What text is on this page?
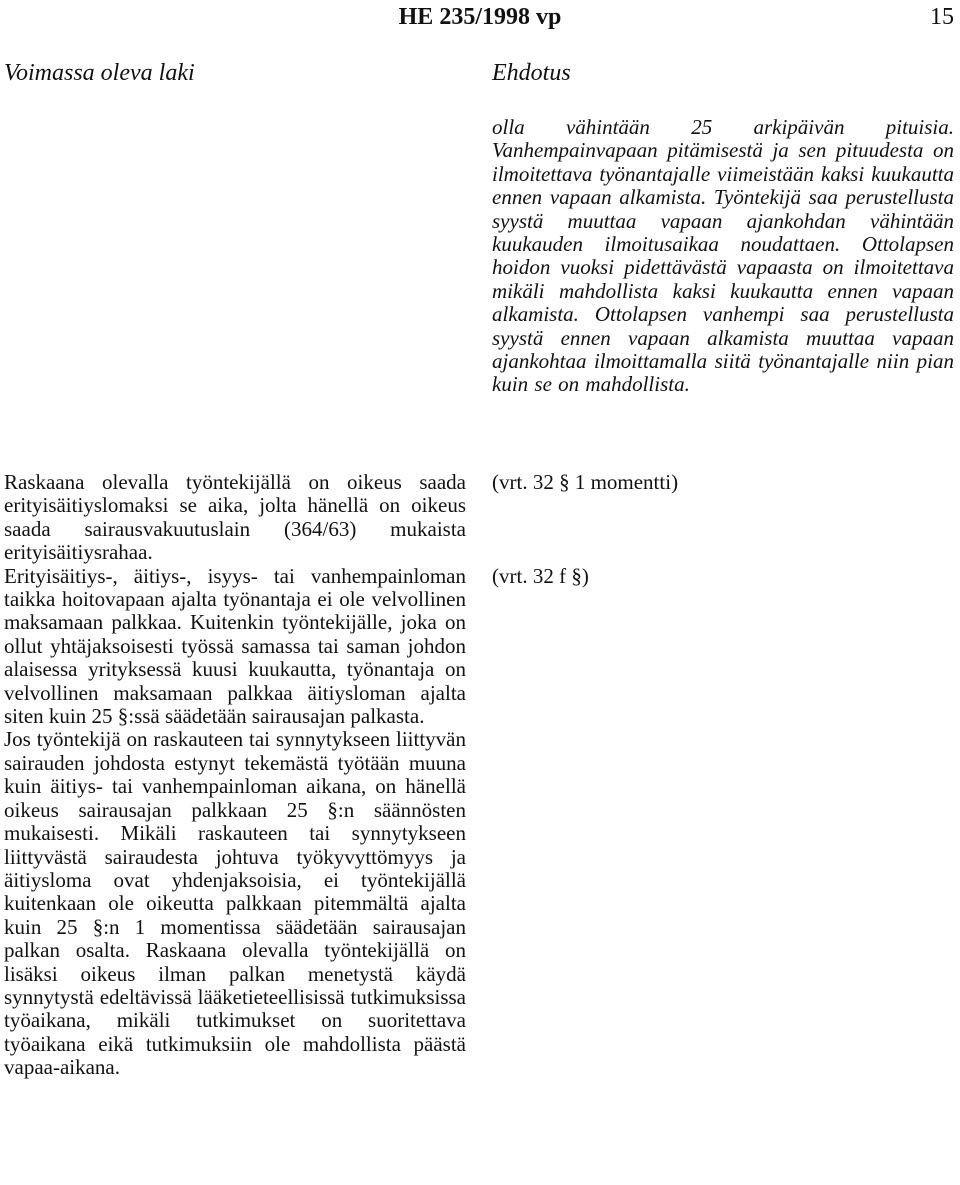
HE 235/1998 vp	15
Voimassa oleva laki	Ehdotus

olla vähintään 25 arkipäivän pituisia. Vanhempainvapaan pitämisestä ja sen pituudesta on ilmoitettava työnantajalle viimeistään kaksi kuukautta ennen vapaan alkamista. Työntekijä saa perustellusta syystä muuttaa vapaan ajankohdan vähintään kuukauden ilmoitusaikaa noudattaen. Ottolapsen hoidon vuoksi pidettävästä vapaasta on ilmoitettava mikäli mahdollista kaksi kuukautta ennen vapaan alkamista. Ottolapsen vanhempi saa perustellusta syystä ennen vapaan alkamista muuttaa vapaan ajankohtaa ilmoittamalla siitä työnantajalle niin pian kuin se on mahdollista.

Raskaana olevalla työntekijällä on oikeus saada erityisäitiyslomaksi se aika, jolta hänellä on oikeus saada sairausvakuutuslain (364/63) mukaista erityisäitiysrahaa.

Erityisäitiys-, äitiys-, isyys- tai vanhempainloman taikka hoitovapaan ajalta työnantaja ei ole velvollinen maksamaan palkkaa. Kuitenkin työntekijälle, joka on ollut yhtäjaksoisesti työssä samassa tai saman johdon alaisessa yrityksessä kuusi kuukautta, työnantaja on velvollinen maksamaan palkkaa äitiysloman ajalta siten kuin 25 §:ssä säädetään sairausajan palkasta.

Jos työntekijä on raskauteen tai synnytykseen liittyvän sairauden johdosta estynyt tekemästä työtään muuna kuin äitiys- tai vanhempainloman aikana, on hänellä oikeus sairausajan palkkaan 25 §:n säännösten mukaisesti. Mikäli raskauteen tai synnytykseen liittyvästä sairaudesta johtuva työkyvyttömyys ja äitiysloma ovat yhdenjaksoisia, ei työntekijällä kuitenkaan ole oikeutta palkkaan pitemmältä ajalta kuin 25 §:n 1 momentissa säädetään sairausajan palkan osalta. Raskaana olevalla työntekijällä on lisäksi oikeus ilman palkan menetystä käydä synnytystä edeltävissä lääketieteellisissä tutkimuksissa työaikana, mikäli tutkimukset on suoritettava työaikana eikä tutkimuksiin ole mahdollista päästä vapaa-aikana.

(vrt. 32 § 1 momentti)
(vrt. 32 f §)
